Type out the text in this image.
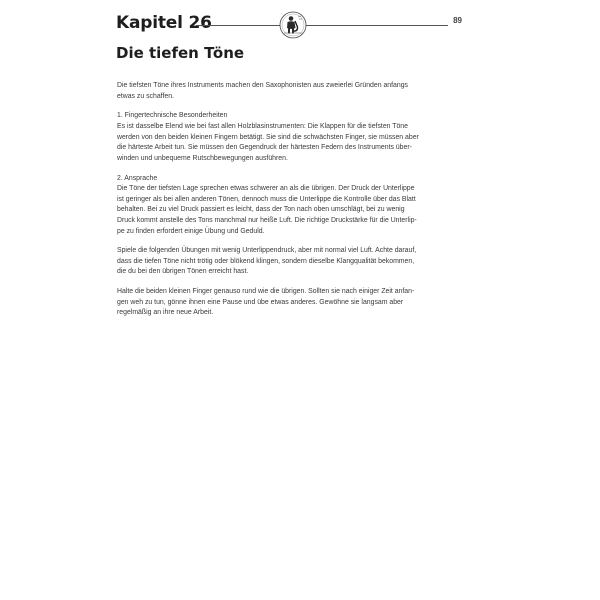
Kapitel 26	89
Die tiefen Töne
Die tiefsten Töne ihres Instruments machen den Saxophonisten aus zweierlei Gründen anfangs
etwas zu schaffen.
1. Fingertechnische Besonderheiten
Es ist dasselbe Elend wie bei fast allen Holzblasinstrumenten: Die Klappen für die tiefsten Töne
werden von den beiden kleinen Fingern betätigt. Sie sind die schwächsten Finger, sie müssen aber
die härteste Arbeit tun. Sie müssen den Gegendruck der härtesten Federn des Instruments über-
winden und unbequeme Rutschbewegungen ausführen.
2. Ansprache
Die Töne der tiefsten Lage sprechen etwas schwerer an als die übrigen. Der Druck der Unterlippe
ist geringer als bei allen anderen Tönen, dennoch muss die Unterlippe die Kontrolle über das Blatt
behalten. Bei zu viel Druck passiert es leicht, dass der Ton nach oben umschlägt, bei zu wenig
Druck kommt anstelle des Tons manchmal nur heiße Luft. Die richtige Druckstärke für die Unterlip-
pe zu finden erfordert einige Übung und Geduld.
Spiele die folgenden Übungen mit wenig Unterlippendruck, aber mit normal viel Luft. Achte darauf,
dass die tiefen Töne nicht trötig oder blökend klingen, sondern dieselbe Klangqualität bekommen,
die du bei den übrigen Tönen erreicht hast.
Halte die beiden kleinen Finger genauso rund wie die übrigen. Sollten sie nach einiger Zeit anfan-
gen weh zu tun, gönne ihnen eine Pause und übe etwas anderes. Gewöhne sie langsam aber
regelmäßig an ihre neue Arbeit.
